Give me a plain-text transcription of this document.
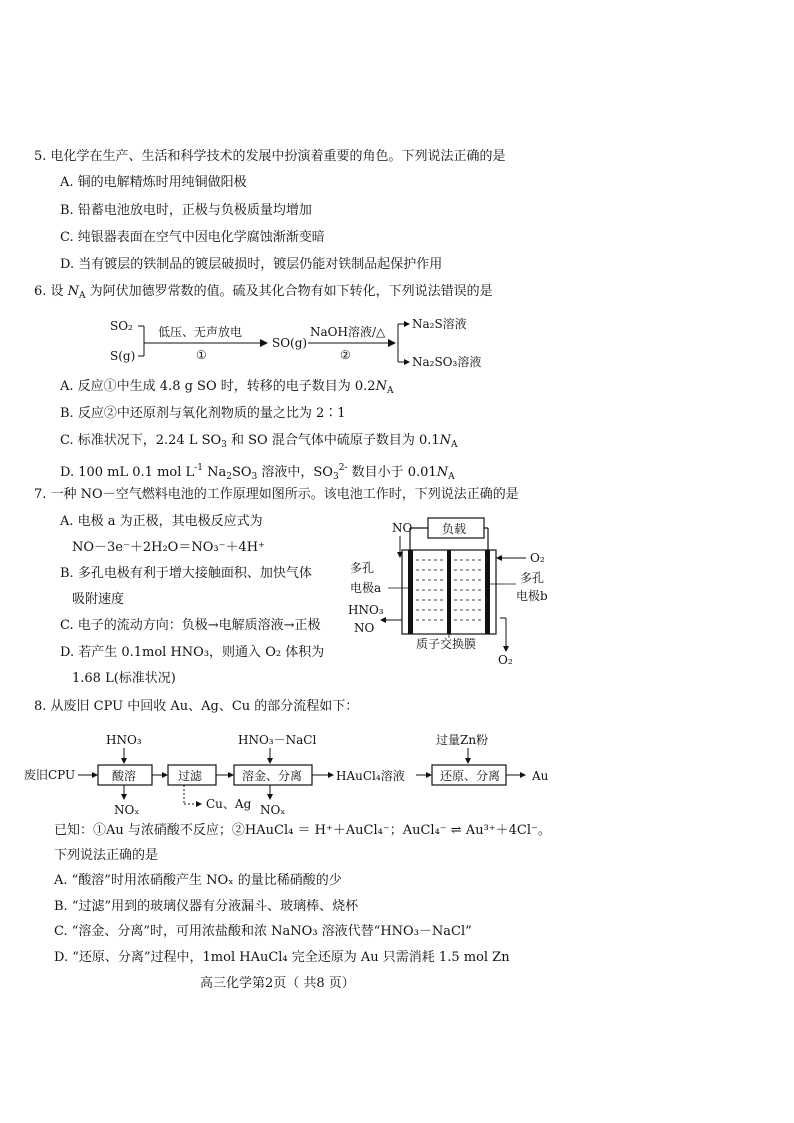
5. 电化学在生产、生活和科学技术的发展中扮演着重要的角色。下列说法正确的是
A. 铜的电解精炼时用纯铜做阳极
B. 铅蓄电池放电时，正极与负极质量均增加
C. 纯银器表面在空气中因电化学腐蚀渐渐变暗
D. 当有镀层的铁制品的镀层破损时，镀层仍能对铁制品起保护作用
6. 设 $N_A$ 为阿伏加德罗常数的值。硫及其化合物有如下转化，下列说法错误的是
SO₂
S(g)
低压、无声放电
①
SO(g)
NaOH溶液/△
②
Na₂S溶液
Na₂SO₃溶液
A. 反应①中生成 4.8 g SO 时，转移的电子数目为 $0.2N_A$
B. 反应②中还原剂与氧化剂物质的量之比为 2∶1
C. 标准状况下，2.24 L $SO_3$ 和 SO 混合气体中硫原子数目为 $0.1N_A$
D. 100 mL 0.1 mol $L^{-1}$ $Na_2SO_3$ 溶液中，$SO_3^{2-}$ 数目小于 $0.01N_A$
7. 一种 NO－空气燃料电池的工作原理如图所示。该电池工作时，下列说法正确的是
A. 电极 a 为正极，其电极反应式为
NO－3e⁻＋2H₂O＝NO₃⁻＋4H⁺
B. 多孔电极有利于增大接触面积、加快气体
吸附速度
C. 电子的流动方向：负极→电解质溶液→正极
D. 若产生 0.1mol HNO₃，则通入 O₂ 体积为
1.68 L(标准状况)
负载
NO
O₂
多孔
电极a
多孔
电极b
HNO₃
NO
质子交换膜
O₂
8. 从废旧 CPU 中回收 Au、Ag、Cu 的部分流程如下：
废旧CPU
HNO₃
酸溶
NOₓ
过滤
Cu、Ag
HNO₃－NaCl
溶金、分离
NOₓ
HAuCl₄溶液
过量Zn粉
还原、分离	Au
已知：①Au 与浓硝酸不反应；②HAuCl₄ ＝ H⁺＋AuCl₄⁻；AuCl₄⁻ ⇌ Au³⁺＋4Cl⁻。
下列说法正确的是
A. “酸溶”时用浓硝酸产生 NOₓ 的量比稀硝酸的少
B. “过滤”用到的玻璃仪器有分液漏斗、玻璃棒、烧杯
C. “溶金、分离”时，可用浓盐酸和浓 NaNO₃ 溶液代替“HNO₃－NaCl”
D. “还原、分离”过程中，1mol HAuCl₄ 完全还原为 Au 只需消耗 1.5 mol Zn
高三化学第2页（ 共8 页）
